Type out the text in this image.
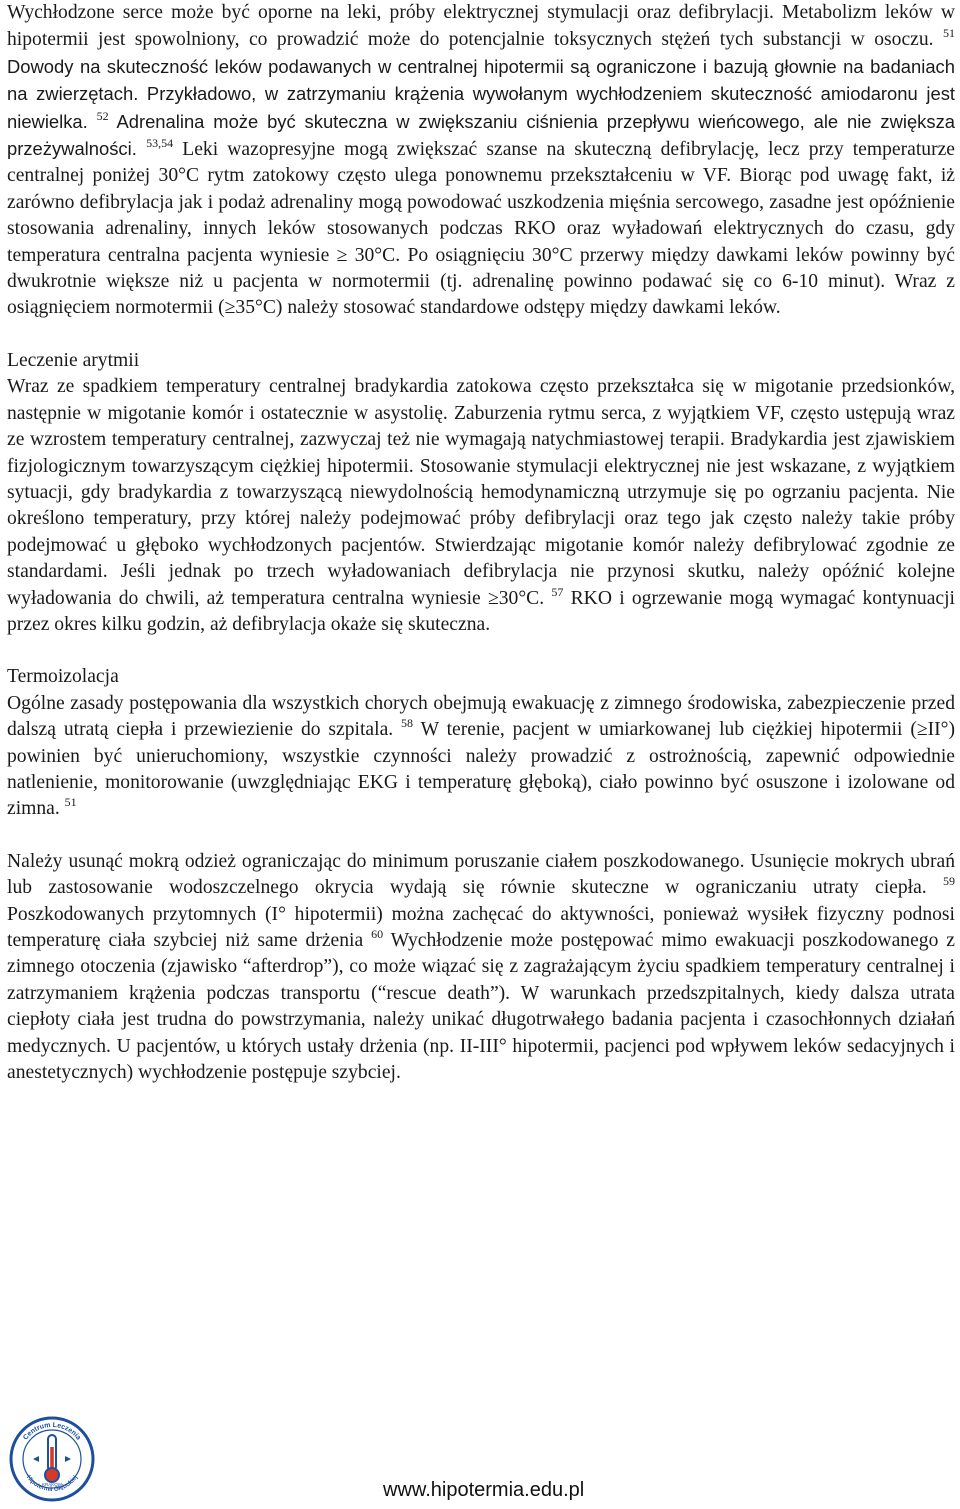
Wychłodzone serce może być oporne na leki, próby elektrycznej stymulacji oraz defibrylacji. Metabolizm leków w hipotermii jest spowolniony, co prowadzić może do potencjalnie toksycznych stężeń tych substancji w osoczu. $^{51}$ Dowody na skuteczność leków podawanych w centralnej hipotermii są ograniczone i bazują głownie na badaniach na zwierzętach. Przykładowo, w zatrzymaniu krążenia wywołanym wychłodzeniem skuteczność amiodaronu jest niewielka. $^{52}$ Adrenalina może być skuteczna w zwiększaniu ciśnienia przepływu wieńcowego, ale nie zwiększa przeżywalności. $^{53,54}$ Leki wazopresyjne mogą zwiększać szanse na skuteczną defibrylację, lecz przy temperaturze centralnej poniżej 30°C rytm zatokowy często ulega ponownemu przekształceniu w VF. Biorąc pod uwagę fakt, iż zarówno defibrylacja jak i podaż adrenaliny mogą powodować uszkodzenia mięśnia sercowego, zasadne jest opóźnienie stosowania adrenaliny, innych leków stosowanych podczas RKO oraz wyładowań elektrycznych do czasu, gdy temperatura centralna pacjenta wyniesie ≥ 30°C. Po osiągnięciu 30°C przerwy między dawkami leków powinny być dwukrotnie większe niż u pacjenta w normotermii (tj. adrenalinę powinno podawać się co 6-10 minut). Wraz z osiągnięciem normotermii (≥35°C) należy stosować standardowe odstępy między dawkami leków.

Leczenie arytmii

Wraz ze spadkiem temperatury centralnej bradykardia zatokowa często przekształca się w migotanie przedsionków, następnie w migotanie komór i ostatecznie w asystolię. Zaburzenia rytmu serca, z wyjątkiem VF, często ustępują wraz ze wzrostem temperatury centralnej, zazwyczaj też nie wymagają natychmiastowej terapii. Bradykardia jest zjawiskiem fizjologicznym towarzyszącym ciężkiej hipotermii. Stosowanie stymulacji elektrycznej nie jest wskazane, z wyjątkiem sytuacji, gdy bradykardia z towarzyszącą niewydolnością hemodynamiczną utrzymuje się po ogrzaniu pacjenta. Nie określono temperatury, przy której należy podejmować próby defibrylacji oraz tego jak często należy takie próby podejmować u głęboko wychłodzonych pacjentów. Stwierdzając migotanie komór należy defibrylować zgodnie ze standardami. Jeśli jednak po trzech wyładowaniach defibrylacja nie przynosi skutku, należy opóźnić kolejne wyładowania do chwili, aż temperatura centralna wyniesie ≥30°C. $^{57}$ RKO i ogrzewanie mogą wymagać kontynuacji przez okres kilku godzin, aż defibrylacja okaże się skuteczna.

Termoizolacja

Ogólne zasady postępowania dla wszystkich chorych obejmują ewakuację z zimnego środowiska, zabezpieczenie przed dalszą utratą ciepła i przewiezienie do szpitala. $^{58}$ W terenie, pacjent w umiarkowanej lub ciężkiej hipotermii (≥II°) powinien być unieruchomiony, wszystkie czynności należy prowadzić z ostrożnością, zapewnić odpowiednie natlenienie, monitorowanie (uwzględniając EKG i temperaturę głęboką), ciało powinno być osuszone i izolowane od zimna. $^{51}$

Należy usunąć mokrą odzież ograniczając do minimum poruszanie ciałem poszkodowanego. Usunięcie mokrych ubrań lub zastosowanie wodoszczelnego okrycia wydają się równie skuteczne w ograniczaniu utraty ciepła. $^{59}$ Poszkodowanych przytomnych (I° hipotermii) można zachęcać do aktywności, ponieważ wysiłek fizyczny podnosi temperaturę ciała szybciej niż same drżenia $^{60}$ Wychłodzenie może postępować mimo ewakuacji poszkodowanego z zimnego otoczenia (zjawisko “afterdrop”), co może wiązać się z zagrażającym życiu spadkiem temperatury centralnej i zatrzymaniem krążenia podczas transportu (“rescue death”). W warunkach przedszpitalnych, kiedy dalsza utrata ciepłoty ciała jest trudna do powstrzymania, należy unikać długotrwałego badania pacjenta i czasochłonnych działań medycznych. U pacjentów, u których ustały drżenia (np. II-III° hipotermii, pacjenci pod wpływem leków sedacyjnych i anestetycznych) wychłodzenie postępuje szybciej.

KRAKÓW
Centrum Leczenia
Hipotermii Głębokiej
www.hipotermia.edu.pl
